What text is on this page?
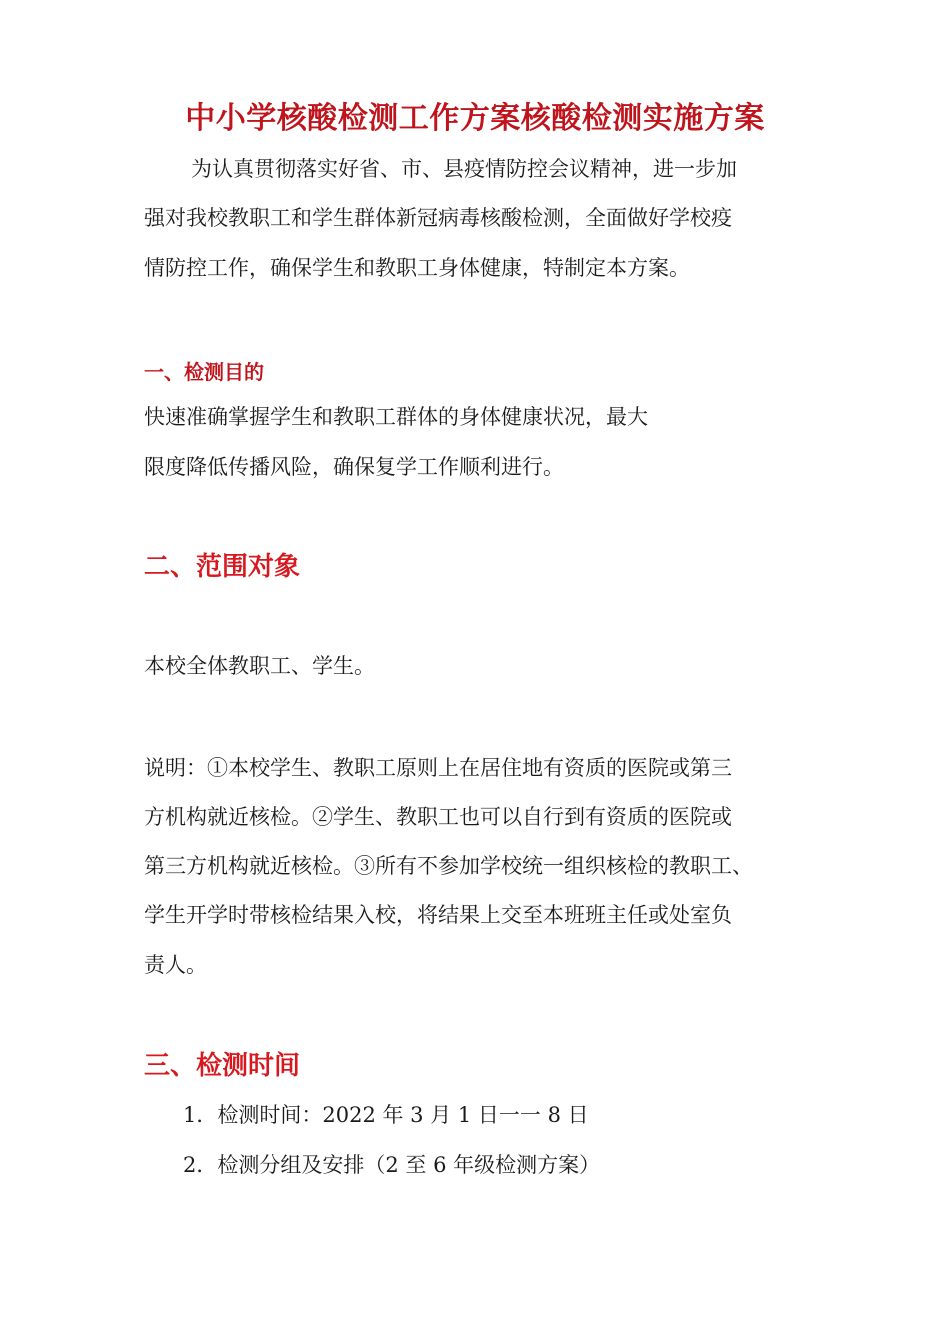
中小学核酸检测工作方案核酸检测实施方案
为认真贯彻落实好省、市、县疫情防控会议精神，进一步加
强对我校教职工和学生群体新冠病毒核酸检测，全面做好学校疫
情防控工作，确保学生和教职工身体健康，特制定本方案。
一、检测目的
快速准确掌握学生和教职工群体的身体健康状况，最大
限度降低传播风险，确保复学工作顺利进行。
二、范围对象
本校全体教职工、学生。
说明：①本校学生、教职工原则上在居住地有资质的医院或第三
方机构就近核检。②学生、教职工也可以自行到有资质的医院或
第三方机构就近核检。③所有不参加学校统一组织核检的教职工、
学生开学时带核检结果入校，将结果上交至本班班主任或处室负
责人。
三、检测时间
1．检测时间：2022 年 3 月 1 日一一 8 日
2．检测分组及安排（2 至 6 年级检测方案）
